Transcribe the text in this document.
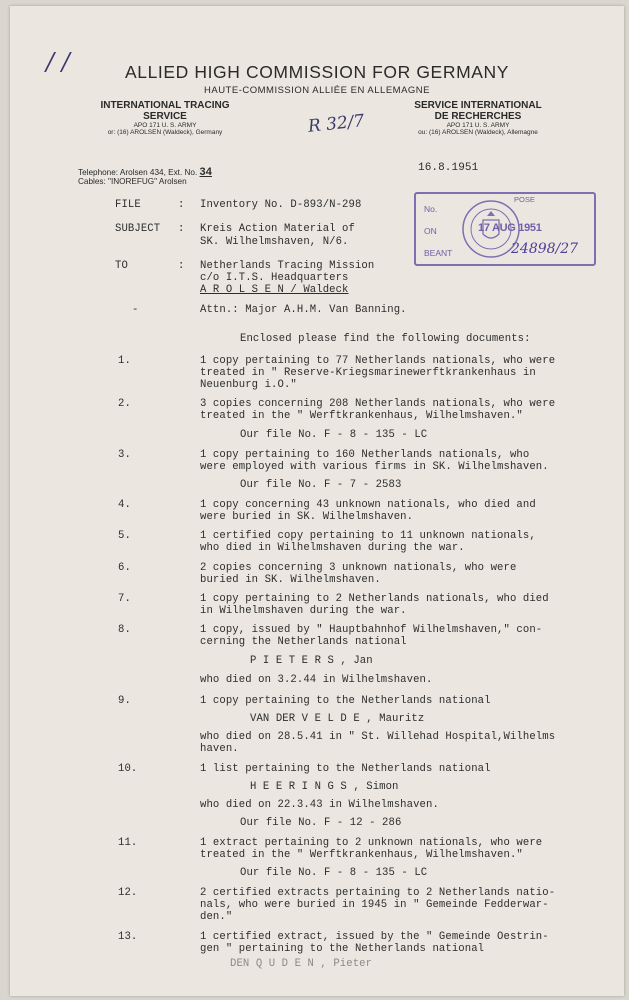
/ /	ALLIED HIGH COMMISSION FOR GERMANY
HAUTE-COMMISSION ALLIÉE EN ALLEMAGNE
INTERNATIONAL TRACING
SERVICE
APO 171 U. S. ARMY
or: (16) AROLSEN (Waldeck), Germany
SERVICE INTERNATIONAL
DE RECHERCHES
APO 171 U. S. ARMY
ou: (16) AROLSEN (Waldeck), Allemagne
R 32/7
Telephone: Arolsen 434, Ext. No. 34
Cables: "INOREFUG" Arolsen
16.8.1951
FILE	: Inventory No. D-893/N-298
SUBJECT : Kreis Action Material of
SK. Wilhelmshaven, N/6.
TO	: Netherlands Tracing Mission
c/o I.T.S. Headquarters
A R O L S E N / Waldeck
-	Attn.: Major A.H.M. Van Banning.
No.
POSE
ON	17 AUG 1951
BEANT	24898/27
Enclosed please find the following documents:
1.	1 copy pertaining to 77 Netherlands nationals, who were
treated in " Reserve-Kriegsmarinewerftkrankenhaus in
Neuenburg i.O."
2.	3 copies concerning 208 Netherlands nationals, who were
treated in the " Werftkrankenhaus, Wilhelmshaven."
Our file No. F - 8 - 135 - LC
3.	1 copy pertaining to 160 Netherlands nationals, who
were employed with various firms in SK. Wilhelmshaven.
Our file No. F - 7 - 2583
4.	1 copy concerning 43 unknown nationals, who died and
were buried in SK. Wilhelmshaven.
5.	1 certified copy pertaining to 11 unknown nationals,
who died in Wilhelmshaven during the war.
6.	2 copies concerning 3 unknown nationals, who were
buried in SK. Wilhelmshaven.
7.	1 copy pertaining to 2 Netherlands nationals, who died
in Wilhelmshaven during the war.
8.	1 copy, issued by " Hauptbahnhof Wilhelmshaven," con-
cerning the Netherlands national
P I E T E R S , Jan
who died on 3.2.44 in Wilhelmshaven.
9.	1 copy pertaining to the Netherlands national
VAN DER V E L D E , Mauritz
who died on 28.5.41 in " St. Willehad Hospital,Wilhelms
haven.
10.	1 list pertaining to the Netherlands national
H E E R I N G S , Simon
who died on 22.3.43 in Wilhelmshaven.
Our file No. F - 12 - 286
11.	1 extract pertaining to 2 unknown nationals, who were
treated in the " Werftkrankenhaus, Wilhelmshaven."
Our file No. F - 8 - 135 - LC
12.	2 certified extracts pertaining to 2 Netherlands natio-
nals, who were buried in 1945 in " Gemeinde Fedderwar-
den."
13.	1 certified extract, issued by the " Gemeinde Oestrin-
gen " pertaining to the Netherlands national
DEN Q U D E N , Pieter
